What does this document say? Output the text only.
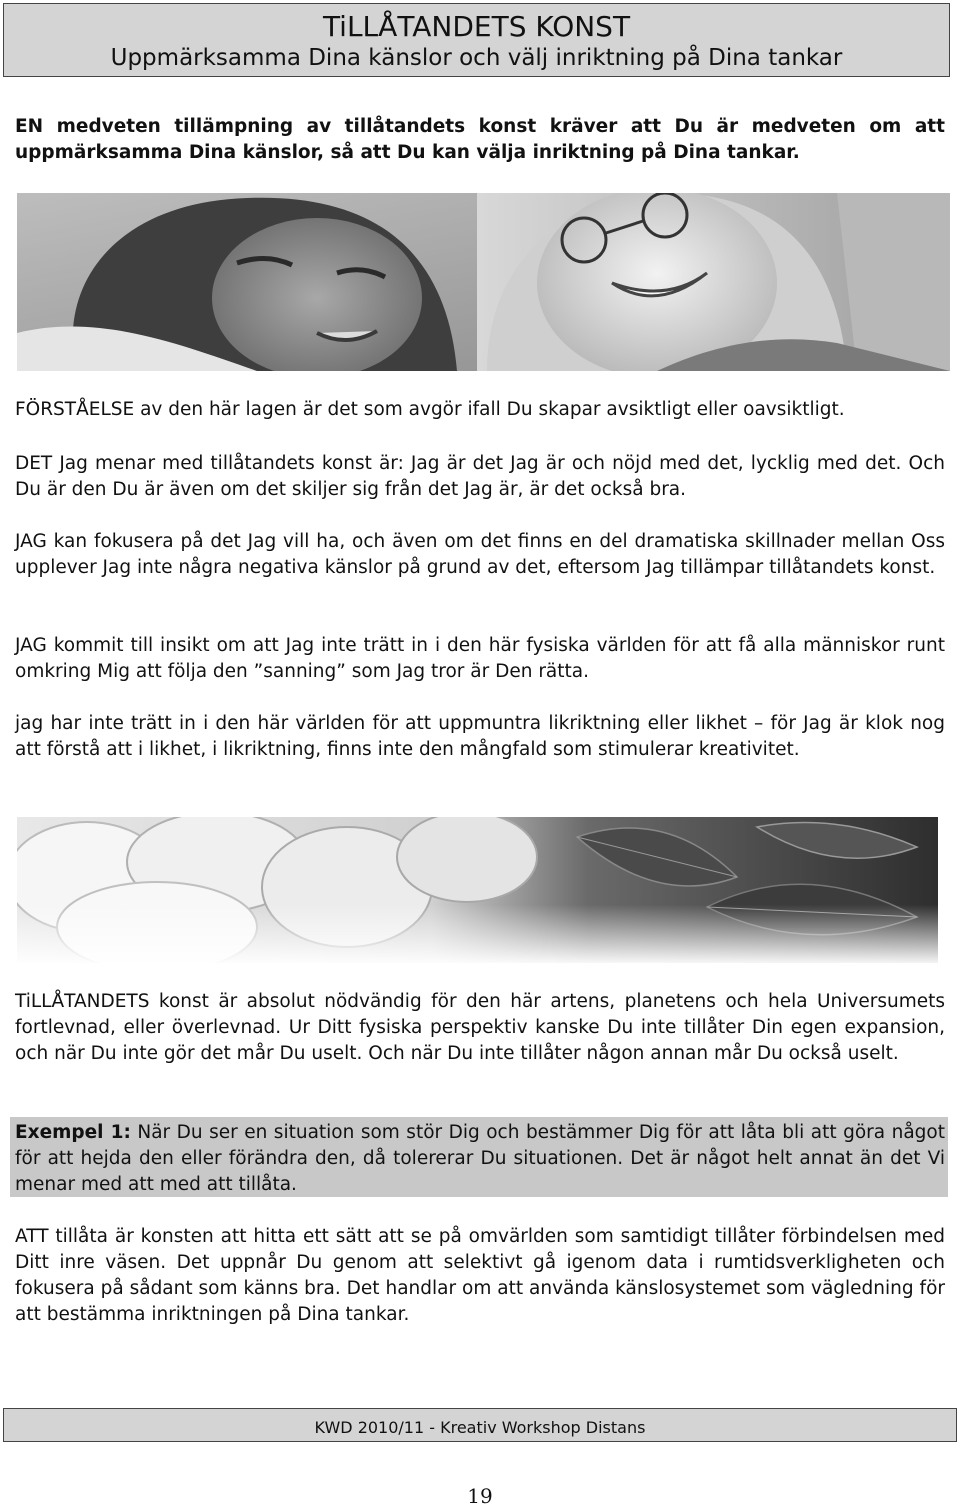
TiLLÅTANDETS KONST
Uppmärksamma Dina känslor och välj inriktning på Dina tankar

EN medveten tillämpning av tillåtandets konst kräver att Du är medveten om att uppmärksamma Dina känslor, så att Du kan välja inriktning på Dina tankar.

FÖRSTÅELSE av den här lagen är det som avgör ifall Du skapar avsiktligt eller oavsiktligt.

DET Jag menar med tillåtandets konst är: Jag är det Jag är och nöjd med det, lycklig med det. Och Du är den Du är även om det skiljer sig från det Jag är, är det också bra.

JAG kan fokusera på det Jag vill ha, och även om det finns en del dramatiska skillnader mellan Oss upplever Jag inte några negativa känslor på grund av det, eftersom Jag tillämpar tillåtandets konst.

JAG kommit till insikt om att Jag inte trätt in i den här fysiska världen för att få alla människor runt omkring Mig att följa den ”sanning” som Jag tror är Den rätta.

jag har inte trätt in i den här världen för att uppmuntra likriktning eller likhet – för Jag är klok nog att förstå att i likhet, i likriktning, finns inte den mångfald som stimulerar kreativitet.

TiLLÅTANDETS konst är absolut nödvändig för den här artens, planetens och hela Universumets fortlevnad, eller överlevnad. Ur Ditt fysiska perspektiv kanske Du inte tillåter Din egen expansion, och när Du inte gör det mår Du uselt. Och när Du inte tillåter någon annan mår Du också uselt.

Exempel 1: När Du ser en situation som stör Dig och bestämmer Dig för att låta bli att göra något för att hejda den eller förändra den, då tolererar Du situationen. Det är något helt annat än det Vi menar med att med att tillåta.

ATT tillåta är konsten att hitta ett sätt att se på omvärlden som samtidigt tillåter förbindelsen med Ditt inre väsen. Det uppnår Du genom att selektivt gå igenom data i rumtidsverkligheten och fokusera på sådant som känns bra. Det handlar om att använda känslosystemet som vägledning för att bestämma inriktningen på Dina tankar.

KWD 2010/11 - Kreativ Workshop Distans
19
